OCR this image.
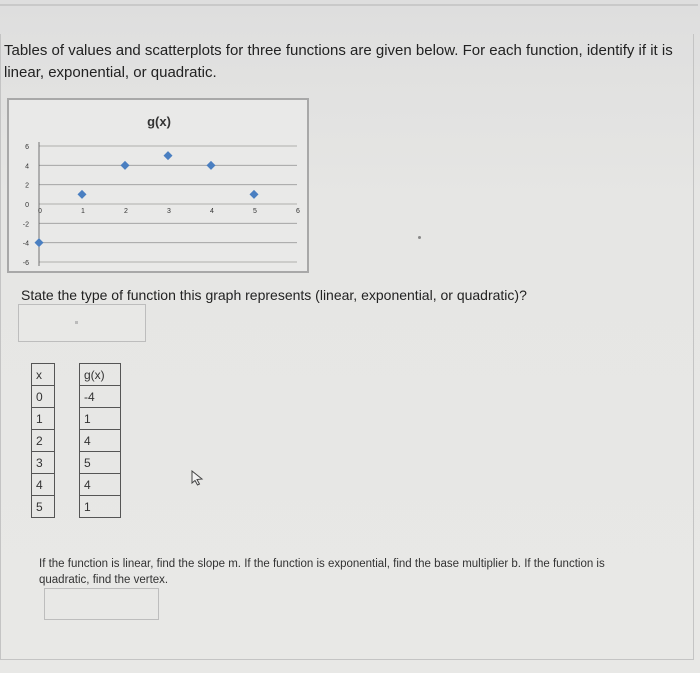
Tables of values and scatterplots for three functions are given below. For each function, identify if it is linear, exponential, or quadratic.
g(x)
6
4
2
0
-2
-4
-6
0	1	2	3	4	5	6
State the type of function this graph represents (linear, exponential, or quadratic)?
x		g(x)
0		-4
1		1
2		4
3		5
4		4
5		1
If the function is linear, find the slope m. If the function is exponential, find the base multiplier b. If the function is quadratic, find the vertex.
